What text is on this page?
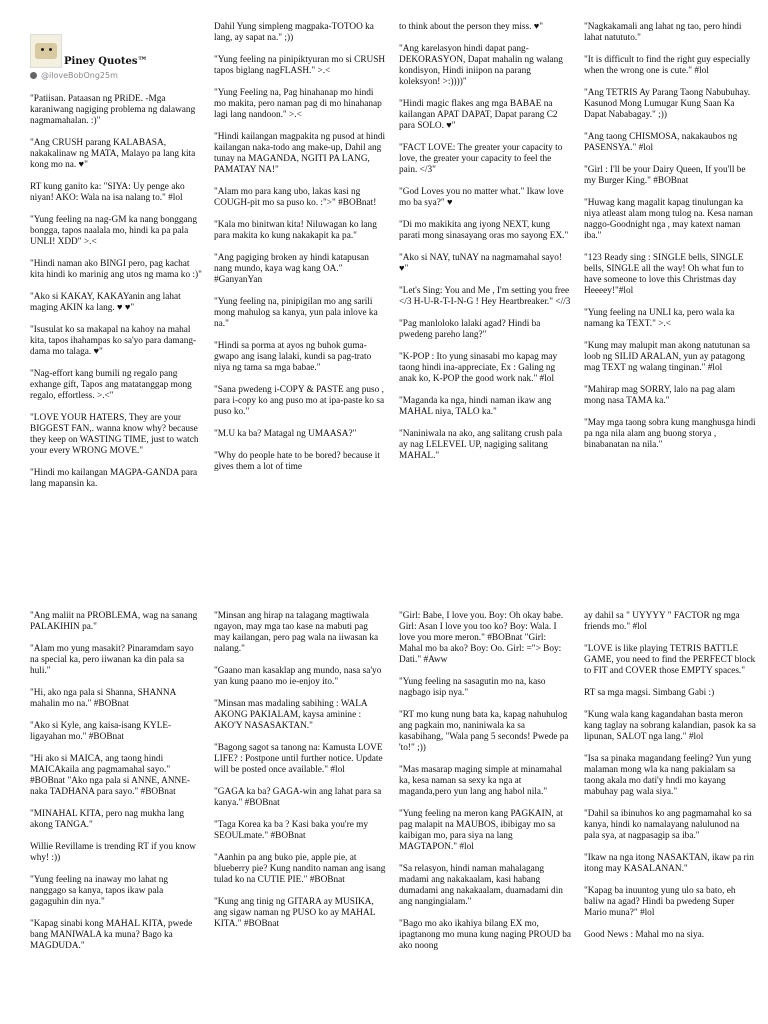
Piney Quotes™
@iloveBobOng25m

"Patiisan. Pataasan ng PRiDE. -Mga karaniwang nagiging problema ng dalawang nagmamahalan. :)"

"Ang CRUSH parang KALABASA, nakakalinaw ng MATA, Malayo pa lang kita kong mo na. ♥"

RT kung ganito ka: "SIYA: Uy penge ako niyan! AKO: Wala na isa nalang to." #lol

"Yung feeling na nag-GM ka nang bonggang bongga, tapos naalala mo, hindi ka pa pala UNLI! XDD" >.<

"Hindi naman ako BINGI pero, pag kachat kita hindi ko marinig ang utos ng mama ko :)"

"Ako si KAKAY, KAKAYanin ang lahat maging AKIN ka lang. ♥ ♥"

"Isusulat ko sa makapal na kahoy na mahal kita, tapos ihahampas ko sa'yo para damang-dama mo talaga. ♥"

"Nag-effort kang bumili ng regalo pang exhange gift, Tapos ang matatanggap mong regalo, effortless. >.<"

"LOVE YOUR HATERS, They are your BIGGEST FAN,. wanna know why? because they keep on WASTING TIME, just to watch your every WRONG MOVE."

"Hindi mo kailangan MAGPA-GANDA para lang mapansin ka.

Dahil Yung simpleng magpaka-TOTOO ka lang, ay sapat na." ;))

"Yung feeling na pinipiktyuran mo si CRUSH tapos biglang nagFLASH." >.<

"Yung Feeling na, Pag hinahanap mo hindi mo makita, pero naman pag di mo hinahanap lagi lang nandoon." >.<

"Hindi kailangan magpakita ng pusod at hindi kailangan naka-todo ang make-up, Dahil ang tunay na MAGANDA, NGITI PA LANG, PAMATAY NA!"

"Alam mo para kang ubo, lakas kasi ng COUGH-pit mo sa puso ko. :">" #BOBnat!

"Kala mo binitwan kita! Niluwagan ko lang para makita ko kung nakakapit ka pa."

"Ang pagiging broken ay hindi katapusan nang mundo, kaya wag kang OA." #GanyanYan

"Yung feeling na, pinipigilan mo ang sarili mong mahulog sa kanya, yun pala inlove ka na."

"Hindi sa porma at ayos ng buhok guma-gwapo ang isang lalaki, kundi sa pag-trato niya ng tama sa mga babae."

"Sana pwedeng i-COPY & PASTE ang puso , para i-copy ko ang puso mo at ipa-paste ko sa puso ko."

"M.U ka ba? Matagal ng UMAASA?"

"Why do people hate to be bored? because it gives them a lot of time

to think about the person they miss. ♥"

"Ang karelasyon hindi dapat pang-DEKORASYON, Dapat mahalin ng walang kondisyon, Hindi iniipon na parang koleksyon! >:))))"

"Hindi magic flakes ang mga BABAE na kailangan APAT DAPAT, Dapat parang C2 para SOLO. ♥"

"FACT LOVE: The greater your capacity to love, the greater your capacity to feel the pain. </3"

"God Loves you no matter what." Ikaw love mo ba sya?" ♥

"Di mo makikita ang iyong NEXT, kung parati mong sinasayang oras mo sayong EX."

"Ako si NAY, tuNAY na nagmamahal sayo! ♥"

"Let's Sing: You and Me , I'm setting you free </3 H-U-R-T-I-N-G ! Hey Heartbreaker." <//3

"Pag manloloko lalaki agad? Hindi ba pwedeng pareho lang?"

"K-POP : Ito yung sinasabi mo kapag may taong hindi ina-appreciate, Ex : Galing ng anak ko, K-POP the good work nak." #lol

"Maganda ka nga, hindi naman ikaw ang MAHAL niya, TALO ka."

"Naniniwala na ako, ang salitang crush pala ay nag LELEVEL UP, nagiging salitang MAHAL."

"Nagkakamali ang lahat ng tao, pero hindi lahat natututo."

"It is difficult to find the right guy especially when the wrong one is cute." #lol

"Ang TETRIS Ay Parang Taong Nabubuhay. Kasunod Mong Lumugar Kung Saan Ka Dapat Nababagay." ;))

"Ang taong CHISMOSA, nakakaubos ng PASENSYA." #lol

"Girl : I'll be your Dairy Queen, If you'll be my Burger King." #BOBnat

"Huwag kang magalit kapag tinulungan ka niya atleast alam mong tulog na. Kesa naman naggo-Goodnight nga , may katext naman iba."

"123 Ready sing : SINGLE bells, SINGLE bells, SINGLE all the way! Oh what fun to have someone to love this Christmas day Heeeey!"#lol

"Yung feeling na UNLI ka, pero wala ka namang ka TEXT." >.<

"Kung may malupit man akong natutunan sa loob ng SILID ARALAN, yun ay patagong mag TEXT ng walang tinginan." #lol

"Mahirap mag SORRY, lalo na pag alam mong nasa TAMA ka."

"May mga taong sobra kung manghusga hindi pa nga nila alam ang buong storya , binabanatan na nila."

"Ang maliit na PROBLEMA, wag na sanang PALAKIHIN pa."

"Alam mo yung masakit? Pinaramdam sayo na special ka, pero iiwanan ka din pala sa huli."

"Hi, ako nga pala si Shanna, SHANNA mahalin mo na." #BOBnat

"Ako si Kyle, ang kaisa-isang KYLE-ligayahan mo." #BOBnat

"Hi ako si MAICA, ang taong hindi MAICAkaila ang pagmamahal sayo." #BOBnat "Ako nga pala si ANNE, ANNE-naka TADHANA para sayo." #BOBnat

"MINAHAL KITA, pero nag mukha lang akong TANGA."

Willie Revillame is trending RT if you know why! :))

"Yung feeling na inaway mo lahat ng nanggago sa kanya, tapos ikaw pala gagaguhin din nya."

"Kapag sinabi kong MAHAL KITA, pwede bang MANIWALA ka muna? Bago ka MAGDUDA."

"Minsan ang hirap na talagang magtiwala ngayon, may mga tao kase na mabuti pag may kailangan, pero pag wala na iiwasan ka nalang."

"Gaano man kasaklap ang mundo, nasa sa'yo yan kung paano mo ie-enjoy ito."

"Minsan mas madaling sabihing : WALA AKONG PAKIALAM, kaysa aminine : AKO'Y NASASAKTAN."

"Bagong sagot sa tanong na: Kamusta LOVE LIFE? : Postpone until further notice. Update will be posted once available." #lol

"GAGA ka ba? GAGA-win ang lahat para sa kanya." #BOBnat

"Taga Korea ka ba ? Kasi baka you're my SEOULmate." #BOBnat

"Aanhin pa ang buko pie, apple pie, at blueberry pie? Kung nandito naman ang isang tulad ko na CUTIE PIE." #BOBnat

"Kung ang tinig ng GITARA ay MUSIKA, ang sigaw naman ng PUSO ko ay MAHAL KITA." #BOBnat

"Girl: Babe, I love you. Boy: Oh okay babe. Girl: Asan I love you too ko? Boy: Wala. I love you more meron." #BOBnat "Girl: Mahal mo ba ako? Boy: Oo. Girl: ="> Boy: Dati." #Aww

"Yung feeling na sasagutin mo na, kaso nagbago isip nya."

"RT mo kung nung bata ka, kapag nahuhulog ang pagkain mo, naniniwala ka sa kasabihang, "Wala pang 5 seconds! Pwede pa 'to!" ;))

"Mas masarap maging simple at minamahal ka, kesa naman sa sexy ka nga at maganda,pero yun lang ang habol nila."

"Yung feeling na meron kang PAGKAIN, at pag malapit na MAUBOS, ibibigay mo sa kaibigan mo, para siya na lang MAGTAPON." #lol

"Sa relasyon, hindi naman mahalagang madami ang nakakaalam, kasi habang dumadami ang nakakaalam, duamadami din ang nangingialam."

"Bago mo ako ikahiya bilang EX mo, ipagtanong mo muna kung naging PROUD ba ako noong

ay dahil sa " UYYYY " FACTOR ng mga friends mo." #lol

"LOVE is like playing TETRIS BATTLE GAME, you need to find the PERFECT block to FIT and COVER those EMPTY spaces."

RT sa mga magsi. Simbang Gabi :)

"Kung wala kang kagandahan basta meron kang taglay na sobrang kalandian, pasok ka sa lipunan, SALOT nga lang." #lol

"Isa sa pinaka magandang feeling? Yun yung malaman mong wla ka nang pakialam sa taong akala mo dati'y hndi mo kayang mabuhay pag wala siya."

"Dahil sa ibinuhos ko ang pagmamahal ko sa kanya, hindi ko namalayang nalulunod na pala sya, at nagpasagip sa iba."

"Ikaw na nga itong NASAKTAN, ikaw pa rin itong may KASALANAN."

"Kapag ba inuuntog yung ulo sa bato, eh baliw na agad? Hindi ba pwedeng Super Mario muna?" #lol

Good News : Mahal mo na siya.
